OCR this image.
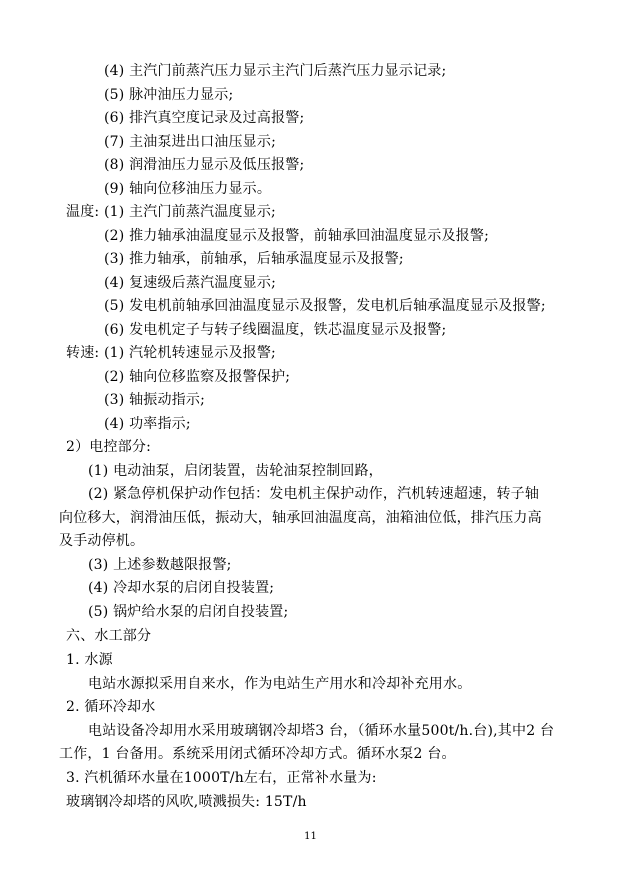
(4) 主汽门前蒸汽压力显示主汽门后蒸汽压力显示记录;
(5) 脉冲油压力显示;
(6) 排汽真空度记录及过高报警;
(7) 主油泵进出口油压显示;
(8) 润滑油压力显示及低压报警;
(9) 轴向位移油压力显示。
温度: (1) 主汽门前蒸汽温度显示;
(2) 推力轴承油温度显示及报警，前轴承回油温度显示及报警;
(3) 推力轴承，前轴承，后轴承温度显示及报警;
(4) 复速级后蒸汽温度显示;
(5) 发电机前轴承回油温度显示及报警，发电机后轴承温度显示及报警;
(6) 发电机定子与转子线圈温度，铁芯温度显示及报警;
转速: (1) 汽轮机转速显示及报警;
(2) 轴向位移监察及报警保护;
(3) 轴振动指示;
(4) 功率指示;
2）电控部分:
(1) 电动油泵，启闭装置，齿轮油泵控制回路，
(2) 紧急停机保护动作包括：发电机主保护动作，汽机转速超速，转子轴
向位移大，润滑油压低，振动大，轴承回油温度高，油箱油位低，排汽压力高
及手动停机。
(3) 上述参数越限报警;
(4) 冷却水泵的启闭自投装置;
(5) 锅炉给水泵的启闭自投装置;
六、水工部分
1. 水源
电站水源拟采用自来水，作为电站生产用水和冷却补充用水。
2. 循环冷却水
电站设备冷却用水采用玻璃钢冷却塔3 台，（循环水量500t/h.台),其中2 台
工作，1 台备用。系统采用闭式循环冷却方式。循环水泵2 台。
3. 汽机循环水量在1000T/h左右，正常补水量为:
玻璃钢冷却塔的风吹,喷溅损失: 15T/h
11
